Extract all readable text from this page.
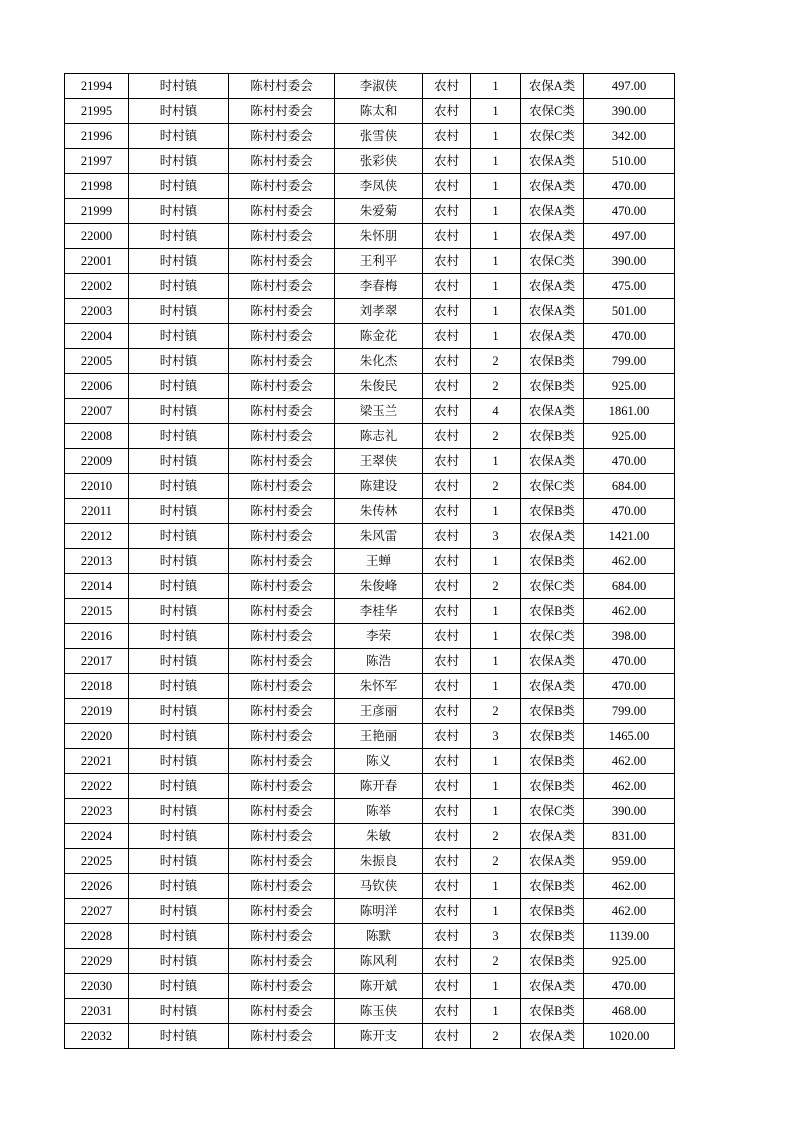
21994	时村镇	陈村村委会	李淑侠	农村	1	农保A类	497.00
21995	时村镇	陈村村委会	陈太和	农村	1	农保C类	390.00
21996	时村镇	陈村村委会	张雪侠	农村	1	农保C类	342.00
21997	时村镇	陈村村委会	张彩侠	农村	1	农保A类	510.00
21998	时村镇	陈村村委会	李凤侠	农村	1	农保A类	470.00
21999	时村镇	陈村村委会	朱爱菊	农村	1	农保A类	470.00
22000	时村镇	陈村村委会	朱怀朋	农村	1	农保A类	497.00
22001	时村镇	陈村村委会	王利平	农村	1	农保C类	390.00
22002	时村镇	陈村村委会	李春梅	农村	1	农保A类	475.00
22003	时村镇	陈村村委会	刘孝翠	农村	1	农保A类	501.00
22004	时村镇	陈村村委会	陈金花	农村	1	农保A类	470.00
22005	时村镇	陈村村委会	朱化杰	农村	2	农保B类	799.00
22006	时村镇	陈村村委会	朱俊民	农村	2	农保B类	925.00
22007	时村镇	陈村村委会	梁玉兰	农村	4	农保A类	1861.00
22008	时村镇	陈村村委会	陈志礼	农村	2	农保B类	925.00
22009	时村镇	陈村村委会	王翠侠	农村	1	农保A类	470.00
22010	时村镇	陈村村委会	陈建设	农村	2	农保C类	684.00
22011	时村镇	陈村村委会	朱传林	农村	1	农保B类	470.00
22012	时村镇	陈村村委会	朱风雷	农村	3	农保A类	1421.00
22013	时村镇	陈村村委会	王蝉	农村	1	农保B类	462.00
22014	时村镇	陈村村委会	朱俊峰	农村	2	农保C类	684.00
22015	时村镇	陈村村委会	李桂华	农村	1	农保B类	462.00
22016	时村镇	陈村村委会	李荣	农村	1	农保C类	398.00
22017	时村镇	陈村村委会	陈浩	农村	1	农保A类	470.00
22018	时村镇	陈村村委会	朱怀军	农村	1	农保A类	470.00
22019	时村镇	陈村村委会	王彦丽	农村	2	农保B类	799.00
22020	时村镇	陈村村委会	王艳丽	农村	3	农保B类	1465.00
22021	时村镇	陈村村委会	陈义	农村	1	农保B类	462.00
22022	时村镇	陈村村委会	陈开春	农村	1	农保B类	462.00
22023	时村镇	陈村村委会	陈举	农村	1	农保C类	390.00
22024	时村镇	陈村村委会	朱敏	农村	2	农保A类	831.00
22025	时村镇	陈村村委会	朱振良	农村	2	农保A类	959.00
22026	时村镇	陈村村委会	马钦侠	农村	1	农保B类	462.00
22027	时村镇	陈村村委会	陈明洋	农村	1	农保B类	462.00
22028	时村镇	陈村村委会	陈默	农村	3	农保B类	1139.00
22029	时村镇	陈村村委会	陈风利	农村	2	农保B类	925.00
22030	时村镇	陈村村委会	陈开斌	农村	1	农保A类	470.00
22031	时村镇	陈村村委会	陈玉侠	农村	1	农保B类	468.00
22032	时村镇	陈村村委会	陈开支	农村	2	农保A类	1020.00
